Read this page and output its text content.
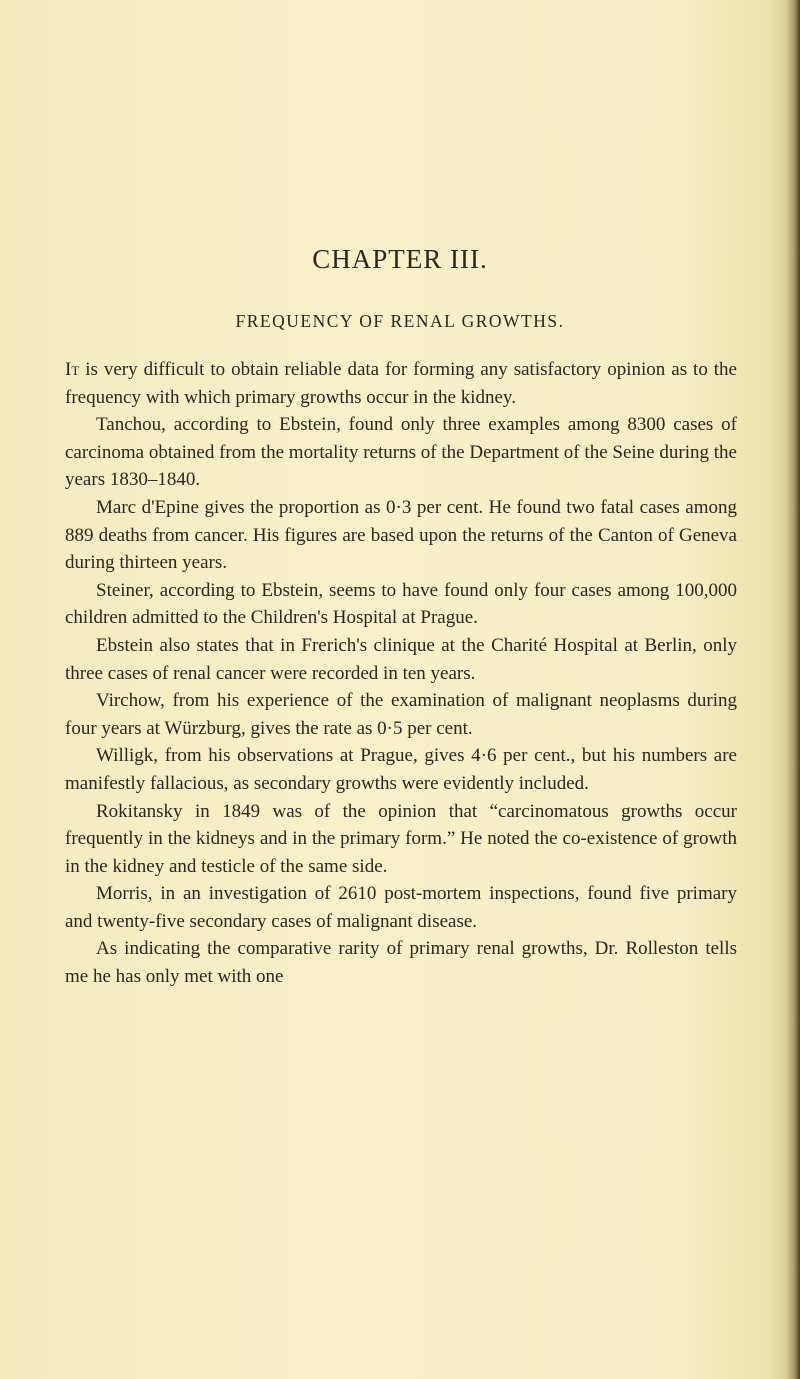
CHAPTER III.
FREQUENCY OF RENAL GROWTHS.

It is very difficult to obtain reliable data for forming any satisfactory opinion as to the frequency with which primary growths occur in the kidney.

Tanchou, according to Ebstein, found only three examples among 8300 cases of carcinoma obtained from the mortality returns of the Department of the Seine during the years 1830–1840.

Marc d'Epine gives the proportion as 0·3 per cent. He found two fatal cases among 889 deaths from cancer. His figures are based upon the returns of the Canton of Geneva during thirteen years.

Steiner, according to Ebstein, seems to have found only four cases among 100,000 children admitted to the Children's Hospital at Prague.

Ebstein also states that in Frerich's clinique at the Charité Hospital at Berlin, only three cases of renal cancer were recorded in ten years.

Virchow, from his experience of the examination of malignant neoplasms during four years at Würzburg, gives the rate as 0·5 per cent.

Willigk, from his observations at Prague, gives 4·6 per cent., but his numbers are manifestly fallacious, as secondary growths were evidently included.

Rokitansky in 1849 was of the opinion that “carcinomatous growths occur frequently in the kidneys and in the primary form.” He noted the co-existence of growth in the kidney and testicle of the same side.

Morris, in an investigation of 2610 post-mortem inspections, found five primary and twenty-five secondary cases of malignant disease.

As indicating the comparative rarity of primary renal growths, Dr. Rolleston tells me he has only met with one
